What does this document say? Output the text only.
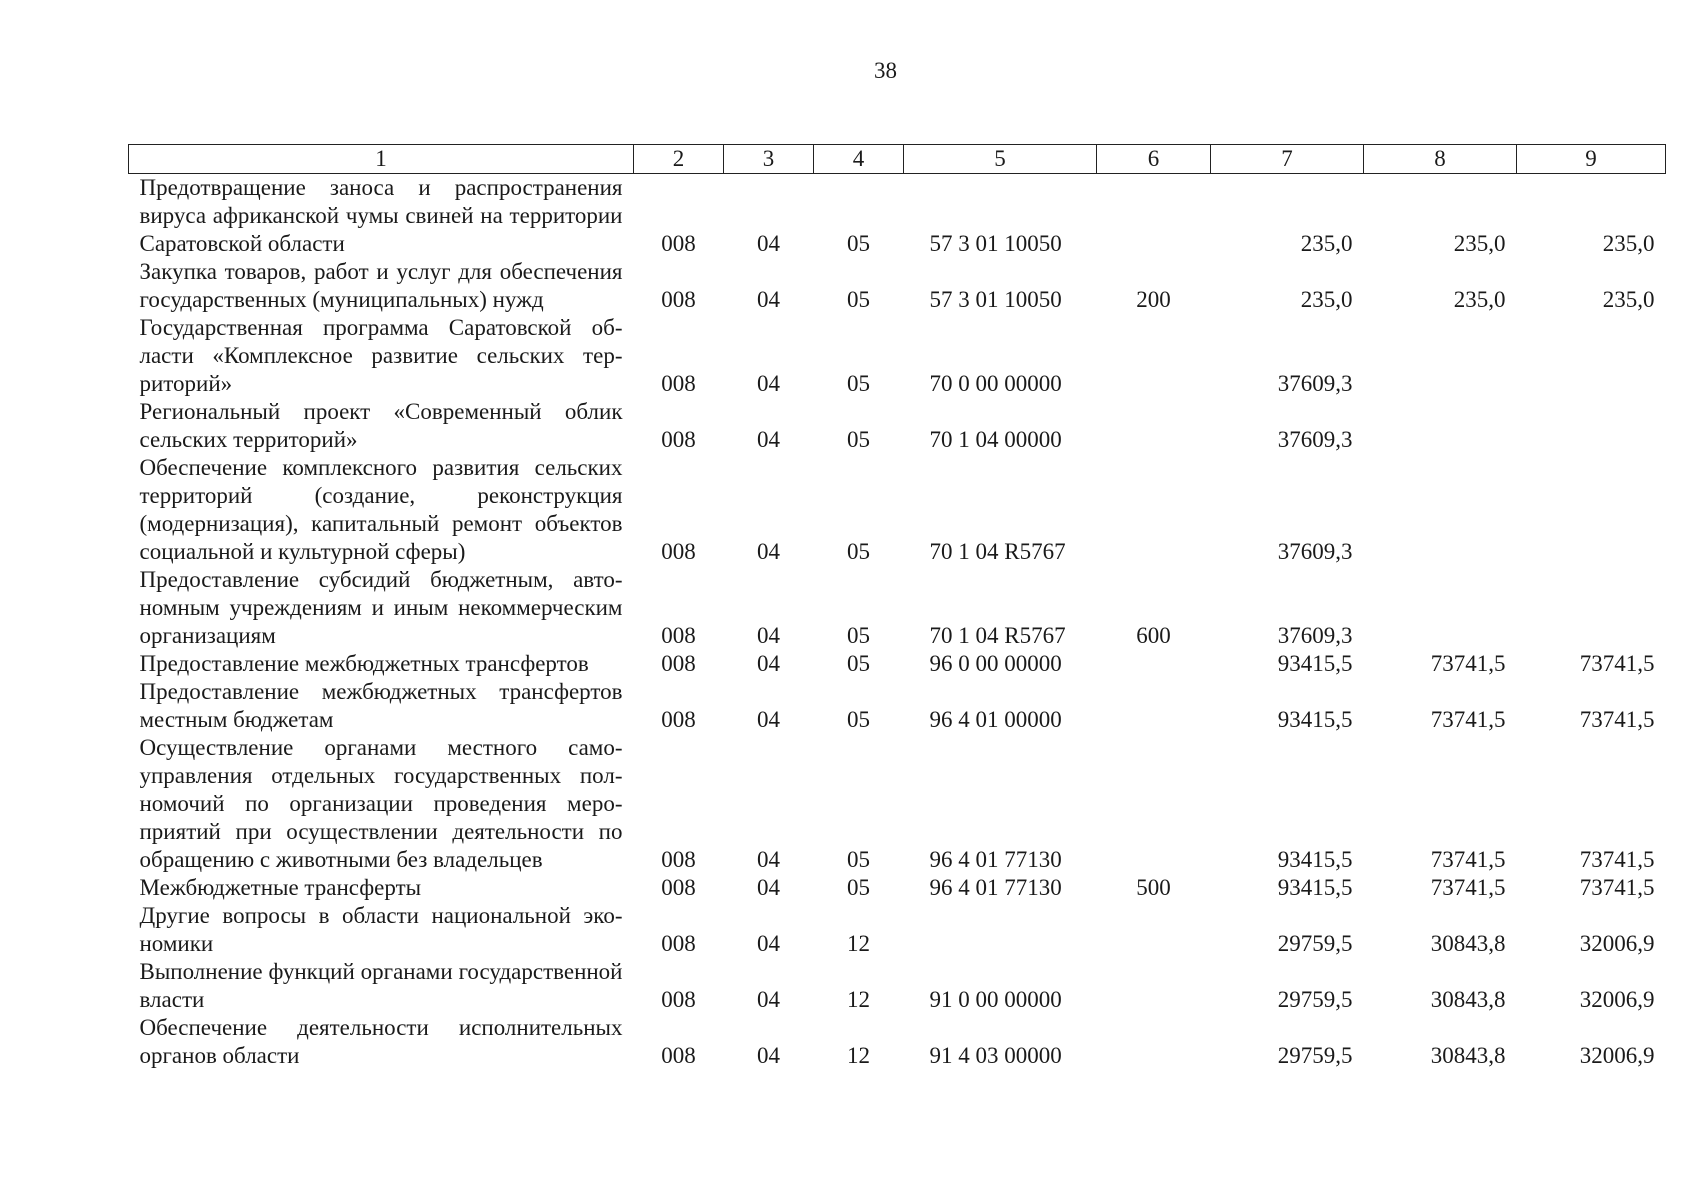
38
1	2	3	4	5	6	7	8	9
Предотвращение заноса и распространения вируса африканской чумы свиней на территории Саратовской области	008	04	05	57 3 01 10050		235,0	235,0	235,0
Закупка товаров, работ и услуг для обеспечения государственных (муниципальных) нужд	008	04	05	57 3 01 10050	200	235,0	235,0	235,0
Государственная программа Саратовской области «Комплексное развитие сельских территорий»	008	04	05	70 0 00 00000		37609,3		
Региональный проект «Современный облик сельских территорий»	008	04	05	70 1 04 00000		37609,3		
Обеспечение комплексного развития сельских территорий (создание, реконструкция (модернизация), капитальный ремонт объектов социальной и культурной сферы)	008	04	05	70 1 04 R5767		37609,3		
Предоставление субсидий бюджетным, автономным учреждениям и иным некоммерческим организациям	008	04	05	70 1 04 R5767	600	37609,3		
Предоставление межбюджетных трансфертов	008	04	05	96 0 00 00000		93415,5	73741,5	73741,5
Предоставление межбюджетных трансфертов местным бюджетам	008	04	05	96 4 01 00000		93415,5	73741,5	73741,5
Осуществление органами местного самоуправления отдельных государственных полномочий по организации проведения мероприятий при осуществлении деятельности по обращению с животными без владельцев	008	04	05	96 4 01 77130		93415,5	73741,5	73741,5
Межбюджетные трансферты	008	04	05	96 4 01 77130	500	93415,5	73741,5	73741,5
Другие вопросы в области национальной экономики	008	04	12			29759,5	30843,8	32006,9
Выполнение функций органами государственной власти	008	04	12	91 0 00 00000		29759,5	30843,8	32006,9
Обеспечение деятельности исполнительных органов области	008	04	12	91 4 03 00000		29759,5	30843,8	32006,9
